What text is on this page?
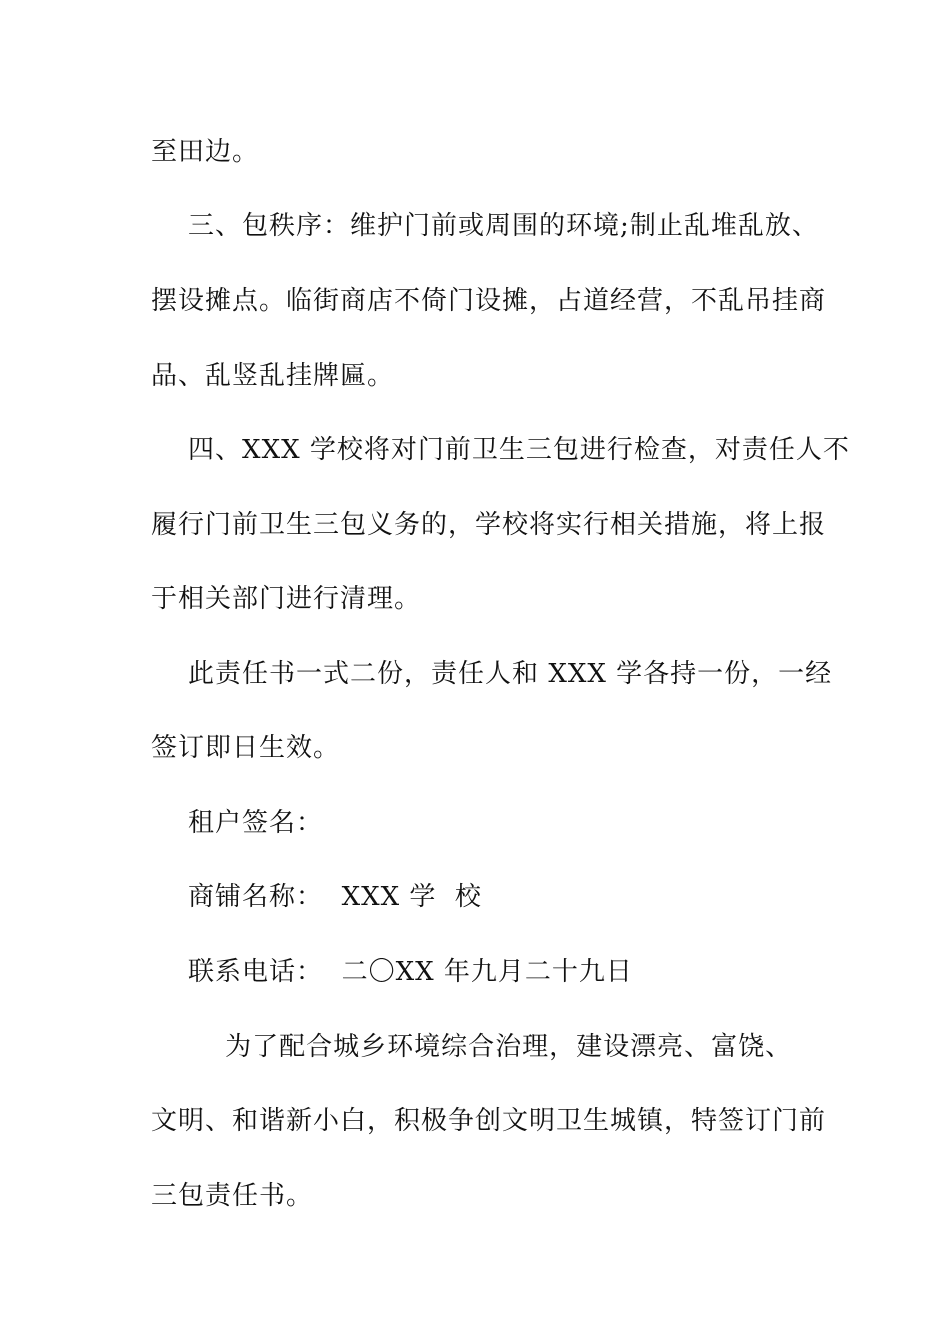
至田边。
三、包秩序：维护门前或周围的环境;制止乱堆乱放、
摆设摊点。临街商店不倚门设摊，占道经营，不乱吊挂商
品、乱竖乱挂牌匾。
四、XXX 学校将对门前卫生三包进行检查，对责任人不
履行门前卫生三包义务的，学校将实行相关措施，将上报
于相关部门进行清理。
此责任书一式二份，责任人和 XXX 学各持一份，一经
签订即日生效。
租户签名：
商铺名称：  XXX 学  校
联系电话：  二〇XX 年九月二十九日
为了配合城乡环境综合治理，建设漂亮、富饶、
文明、和谐新小白，积极争创文明卫生城镇，特签订门前
三包责任书。
